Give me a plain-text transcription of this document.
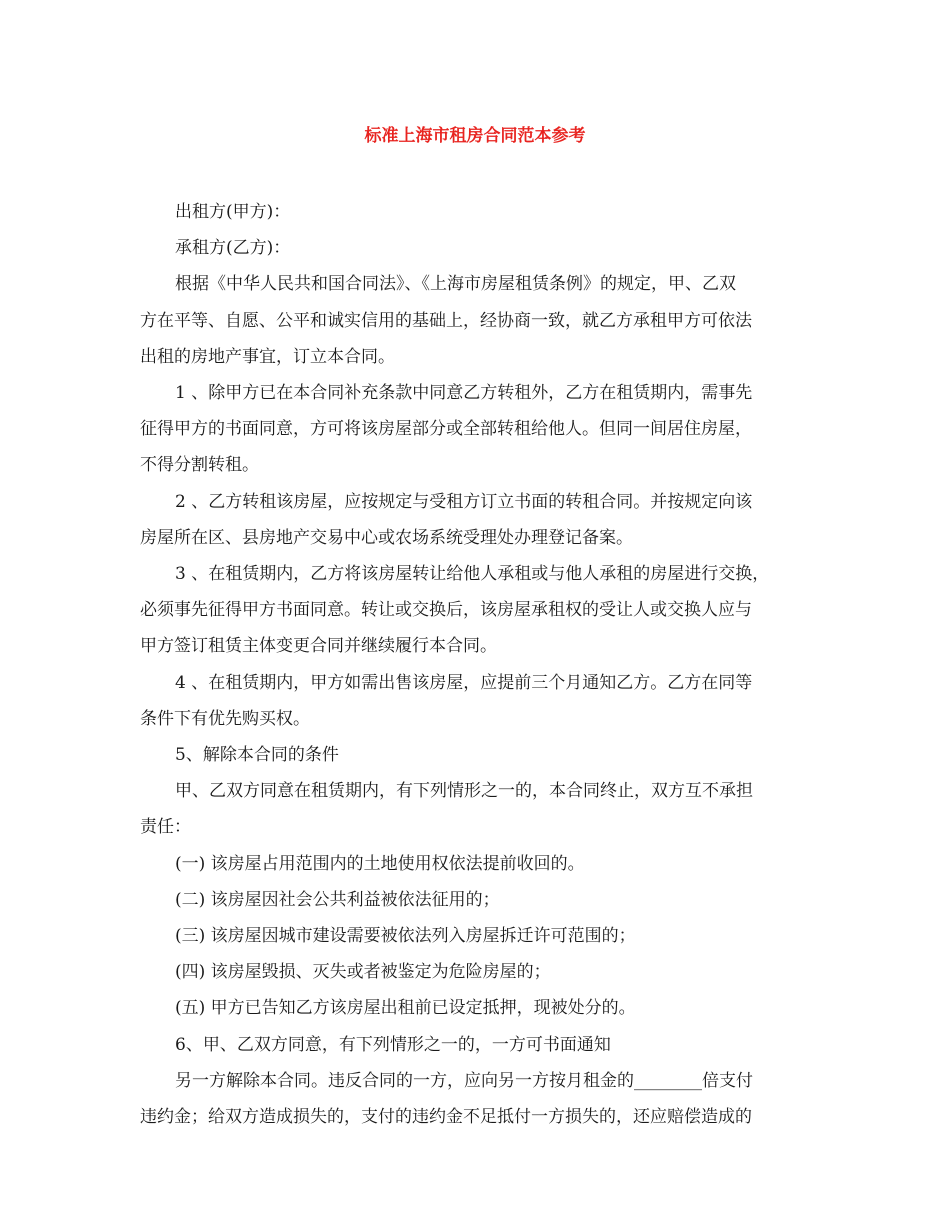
标准上海市租房合同范本参考

出租方(甲方)：

承租方(乙方)：

根据《中华人民共和国合同法》、《上海市房屋租赁条例》的规定，甲、乙双

方在平等、自愿、公平和诚实信用的基础上，经协商一致，就乙方承租甲方可依法

出租的房地产事宜，订立本合同。

1 、除甲方已在本合同补充条款中同意乙方转租外，乙方在租赁期内，需事先

征得甲方的书面同意，方可将该房屋部分或全部转租给他人。但同一间居住房屋，

不得分割转租。

2 、乙方转租该房屋，应按规定与受租方订立书面的转租合同。并按规定向该

房屋所在区、县房地产交易中心或农场系统受理处办理登记备案。

3 、在租赁期内，乙方将该房屋转让给他人承租或与他人承租的房屋进行交换，

必须事先征得甲方书面同意。转让或交换后，该房屋承租权的受让人或交换人应与

甲方签订租赁主体变更合同并继续履行本合同。

4 、在租赁期内，甲方如需出售该房屋，应提前三个月通知乙方。乙方在同等

条件下有优先购买权。

5、解除本合同的条件

甲、乙双方同意在租赁期内，有下列情形之一的，本合同终止，双方互不承担

责任：

(一) 该房屋占用范围内的土地使用权依法提前收回的。

(二) 该房屋因社会公共利益被依法征用的；

(三) 该房屋因城市建设需要被依法列入房屋拆迁许可范围的；

(四) 该房屋毁损、灭失或者被鉴定为危险房屋的；

(五) 甲方已告知乙方该房屋出租前已设定抵押，现被处分的。

6、甲、乙双方同意，有下列情形之一的，一方可书面通知

另一方解除本合同。违反合同的一方，应向另一方按月租金的________倍支付

违约金；给双方造成损失的，支付的违约金不足抵付一方损失的，还应赔偿造成的
